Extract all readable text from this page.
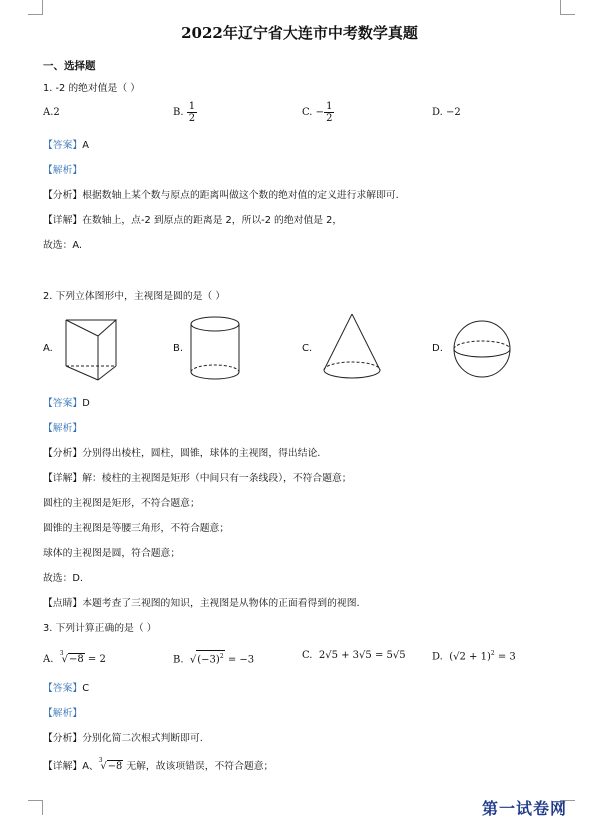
2022年辽宁省大连市中考数学真题
一、选择题
1. -2 的绝对值是（ ）
A.2	B. $\frac{1}{2}$	C. − $\frac{1}{2}$	D. −2
【答案】A
【解析】
【分析】根据数轴上某个数与原点的距离叫做这个数的绝对值的定义进行求解即可.
【详解】在数轴上，点-2 到原点的距离是 2，所以-2 的绝对值是 2，
故选：A.
2. 下列立体图形中，主视图是圆的是（ ）
A.	B.	C.	D.
【答案】D
【解析】
【分析】分别得出棱柱，圆柱，圆锥，球体的主视图，得出结论.
【详解】解：棱柱的主视图是矩形（中间只有一条线段），不符合题意；
圆柱的主视图是矩形，不符合题意；
圆锥的主视图是等腰三角形，不符合题意；
球体的主视图是圆，符合题意；
故选：D.
【点睛】本题考查了三视图的知识，主视图是从物体的正面看得到的视图.
3. 下列计算正确的是（ ）
A.  $^3$√−8 = 2	B.  $√(-3)^2 = -3$	C. 2√5 + 3√5 = 5√5	D. $(√2 + 1)^2 = 3$
【答案】C
【解析】
【分析】分别化简二次根式判断即可.
【详解】A、$^3$√−8 无解，故该项错误，不符合题意；
第一试卷网
